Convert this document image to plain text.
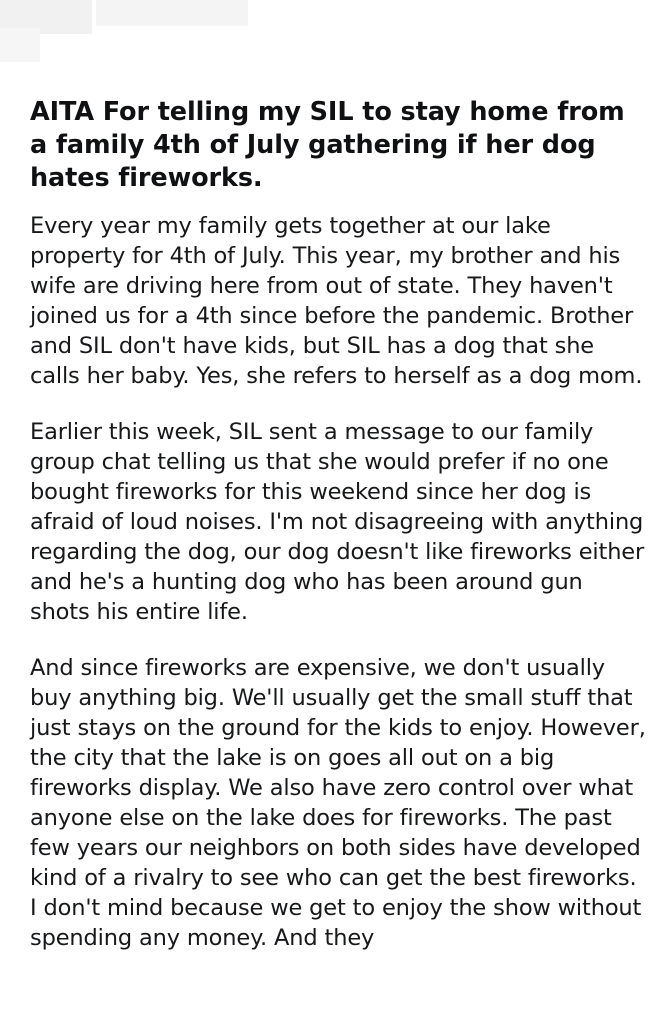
AITA For telling my SIL to stay home from a family 4th of July gathering if her dog hates fireworks.

Every year my family gets together at our lake property for 4th of July. This year, my brother and his wife are driving here from out of state. They haven't joined us for a 4th since before the pandemic. Brother and SIL don't have kids, but SIL has a dog that she calls her baby. Yes, she refers to herself as a dog mom.

Earlier this week, SIL sent a message to our family group chat telling us that she would prefer if no one bought fireworks for this weekend since her dog is afraid of loud noises. I'm not disagreeing with anything regarding the dog, our dog doesn't like fireworks either and he's a hunting dog who has been around gun shots his entire life.

And since fireworks are expensive, we don't usually buy anything big. We'll usually get the small stuff that just stays on the ground for the kids to enjoy. However, the city that the lake is on goes all out on a big fireworks display. We also have zero control over what anyone else on the lake does for fireworks. The past few years our neighbors on both sides have developed kind of a rivalry to see who can get the best fireworks. I don't mind because we get to enjoy the show without spending any money. And they
